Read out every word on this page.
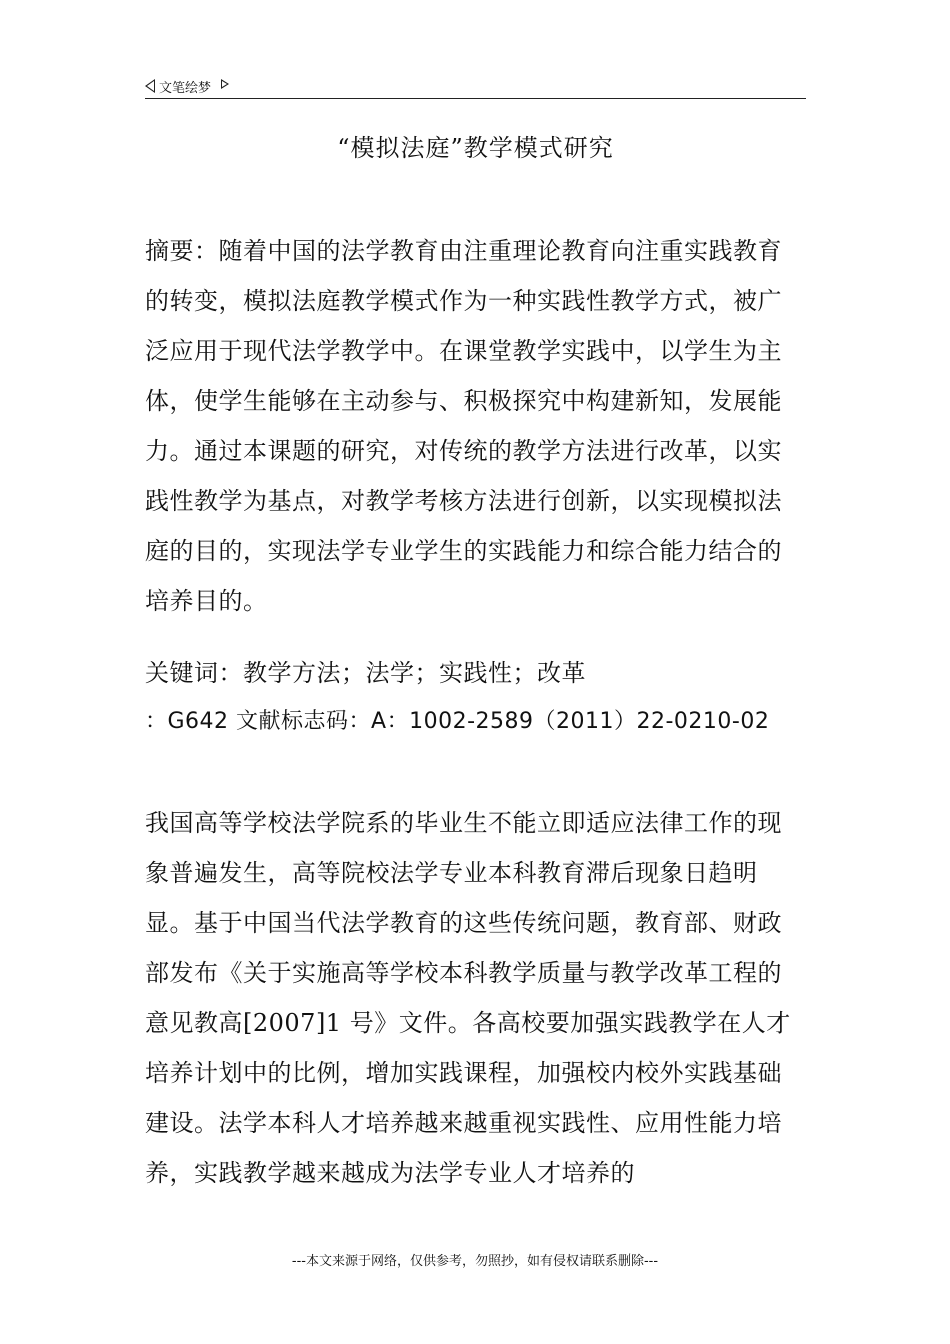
文笔绘梦
“模拟法庭”教学模式研究

摘要：随着中国的法学教育由注重理论教育向注重实践教育的转变，模拟法庭教学模式作为一种实践性教学方式，被广泛应用于现代法学教学中。在课堂教学实践中，以学生为主体，使学生能够在主动参与、积极探究中构建新知，发展能力。通过本课题的研究，对传统的教学方法进行改革，以实践性教学为基点，对教学考核方法进行创新，以实现模拟法庭的目的，实现法学专业学生的实践能力和综合能力结合的培养目的。

关键词：教学方法；法学；实践性；改革

：G642 文献标志码：A：1002-2589（2011）22-0210-02

我国高等学校法学院系的毕业生不能立即适应法律工作的现象普遍发生，高等院校法学专业本科教育滞后现象日趋明显。基于中国当代法学教育的这些传统问题，教育部、财政部发布《关于实施高等学校本科教学质量与教学改革工程的意见教高[2007]1 号》文件。各高校要加强实践教学在人才培养计划中的比例，增加实践课程，加强校内校外实践基础建设。法学本科人才培养越来越重视实践性、应用性能力培养，实践教学越来越成为法学专业人才培养的

---本文来源于网络，仅供参考，勿照抄，如有侵权请联系删除---
